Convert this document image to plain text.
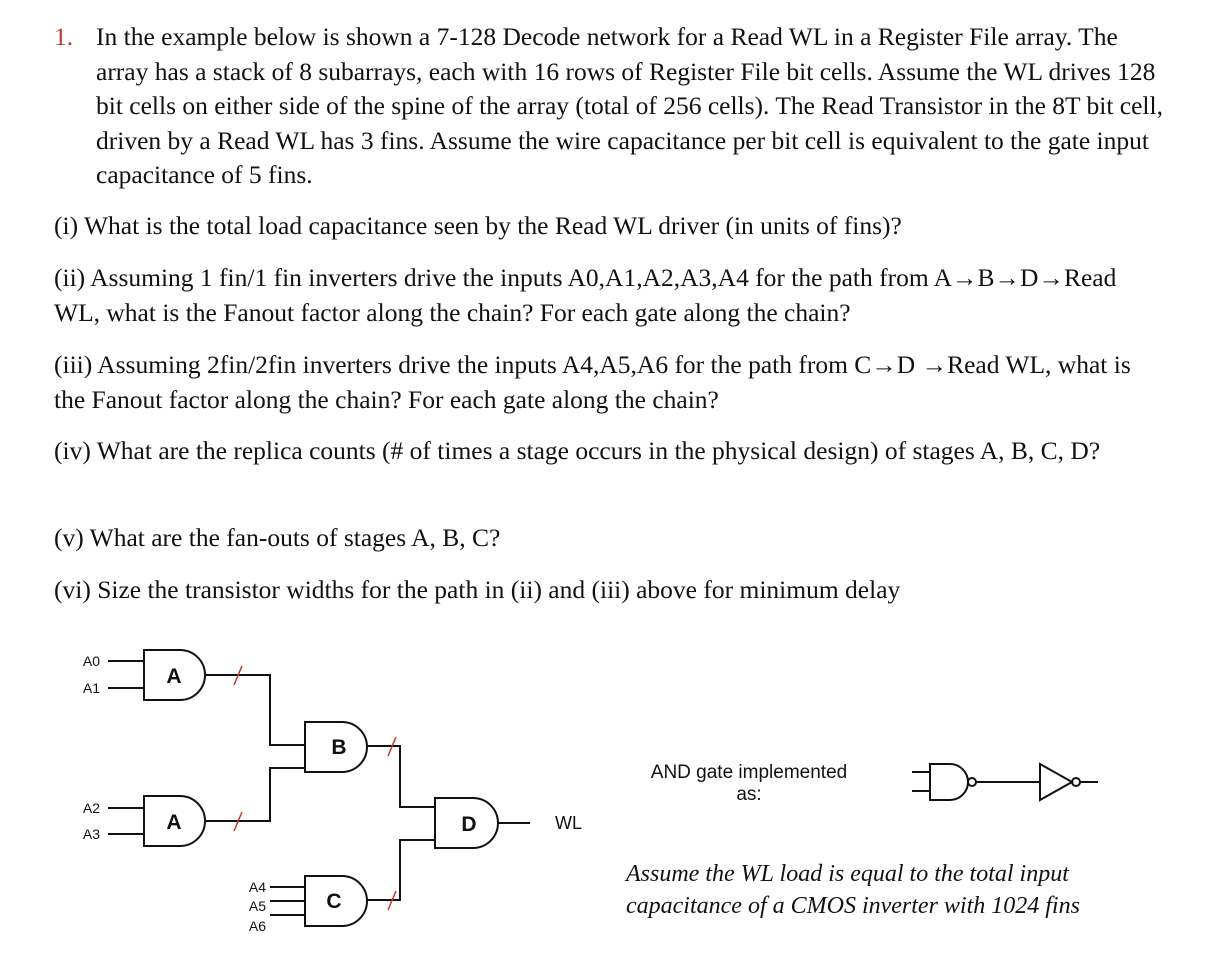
1. In the example below is shown a 7-128 Decode network for a Read WL in a Register File array. The array has a stack of 8 subarrays, each with 16 rows of Register File bit cells. Assume the WL drives 128 bit cells on either side of the spine of the array (total of 256 cells). The Read Transistor in the 8T bit cell, driven by a Read WL has 3 fins. Assume the wire capacitance per bit cell is equivalent to the gate input capacitance of 5 fins.
(i) What is the total load capacitance seen by the Read WL driver (in units of fins)?
(ii) Assuming 1 fin/1 fin inverters drive the inputs A0,A1,A2,A3,A4 for the path from A→B→D→Read WL, what is the Fanout factor along the chain? For each gate along the chain?
(iii) Assuming 2fin/2fin inverters drive the inputs A4,A5,A6 for the path from C→D →Read WL, what is the Fanout factor along the chain? For each gate along the chain?
(iv) What are the replica counts (# of times a stage occurs in the physical design) of stages A, B, C, D?
(v) What are the fan-outs of stages A, B, C?
(vi) Size the transistor widths for the path in (ii) and (iii) above for minimum delay
A
A
B
C
D
A0
A1
A2
A3
A4
A5
A6
WL
AND gate implemented as:
Assume the WL load is equal to the total input capacitance of a CMOS inverter with 1024 fins
